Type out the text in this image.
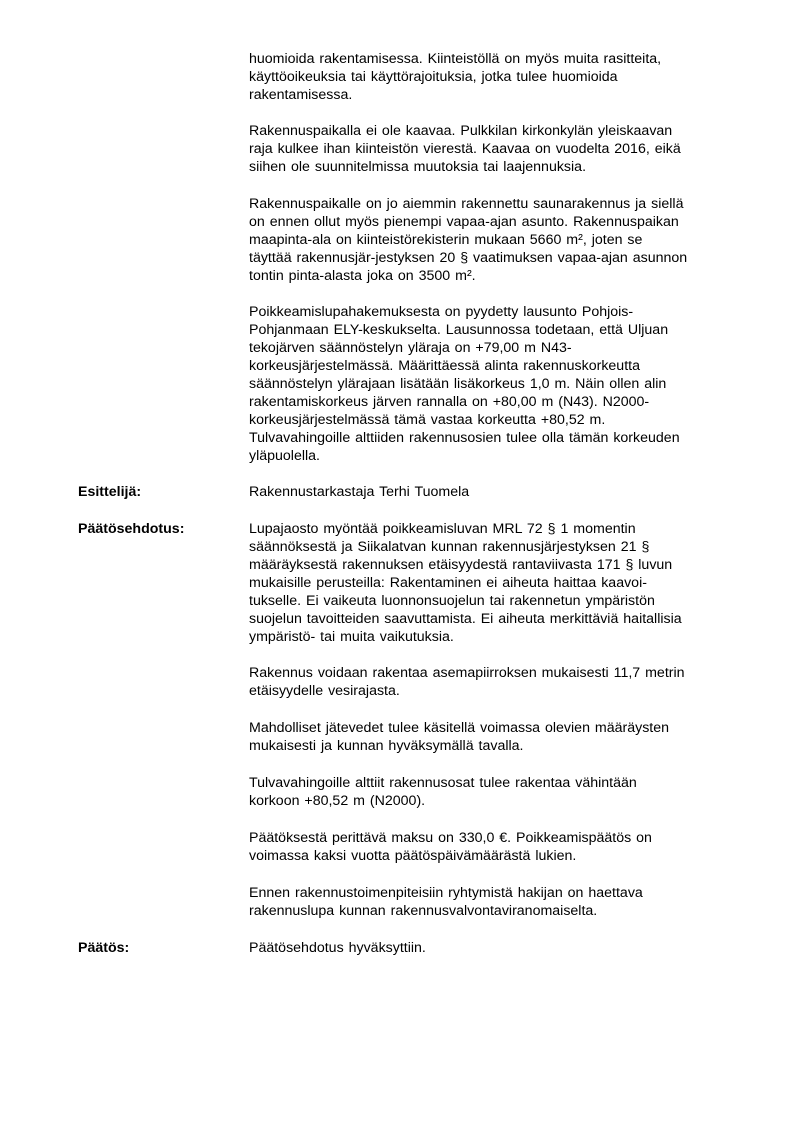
huomioida rakentamisessa. Kiinteistöllä on myös muita rasitteita,
käyttöoikeuksia tai käyttörajoituksia, jotka tulee huomioida
rakentamisessa.
Rakennuspaikalla ei ole kaavaa. Pulkkilan kirkonkylän yleiskaavan
raja kulkee ihan kiinteistön vierestä. Kaavaa on vuodelta 2016, eikä
siihen ole suunnitelmissa muutoksia tai laajennuksia.
Rakennuspaikalle on jo aiemmin rakennettu saunarakennus ja siellä
on ennen ollut myös pienempi vapaa-ajan asunto. Rakennuspaikan
maapinta-ala on kiinteistörekisterin mukaan 5660 m², joten se
täyttää rakennusjär-jestyksen 20 § vaatimuksen vapaa-ajan asunnon
tontin pinta-alasta joka on 3500 m².
Poikkeamislupahakemuksesta on pyydetty lausunto Pohjois-
Pohjanmaan ELY-keskukselta. Lausunnossa todetaan, että Uljuan
tekojärven säännöstelyn yläraja on +79,00 m N43-
korkeusjärjestelmässä. Määrittäessä alinta rakennuskorkeutta
säännöstelyn ylärajaan lisätään lisäkorkeus 1,0 m. Näin ollen alin
rakentamiskorkeus järven rannalla on +80,00 m (N43). N2000-
korkeusjärjestelmässä tämä vastaa korkeutta +80,52 m.
Tulvavahingoille alttiiden rakennusosien tulee olla tämän korkeuden
yläpuolella.
Esittelijä:	Rakennustarkastaja Terhi Tuomela
Päätösehdotus:	Lupajaosto myöntää poikkeamisluvan MRL 72 § 1 momentin
säännöksestä ja Siikalatvan kunnan rakennusjärjestyksen 21 §
määräyksestä rakennuksen etäisyydestä rantaviivasta 171 § luvun
mukaisille perusteilla: Rakentaminen ei aiheuta haittaa kaavoi-
tukselle. Ei vaikeuta luonnonsuojelun tai rakennetun ympäristön
suojelun tavoitteiden saavuttamista. Ei aiheuta merkittäviä haitallisia
ympäristö- tai muita vaikutuksia.
Rakennus voidaan rakentaa asemapiirroksen mukaisesti 11,7 metrin
etäisyydelle vesirajasta.
Mahdolliset jätevedet tulee käsitellä voimassa olevien määräysten
mukaisesti ja kunnan hyväksymällä tavalla.
Tulvavahingoille alttiit rakennusosat tulee rakentaa vähintään
korkoon +80,52 m (N2000).
Päätöksestä perittävä maksu on 330,0 €. Poikkeamispäätös on
voimassa kaksi vuotta päätöspäivämäärästä lukien.
Ennen rakennustoimenpiteisiin ryhtymistä hakijan on haettava
rakennuslupa kunnan rakennusvalvontaviranomaiselta.
Päätös:	Päätösehdotus hyväksyttiin.
